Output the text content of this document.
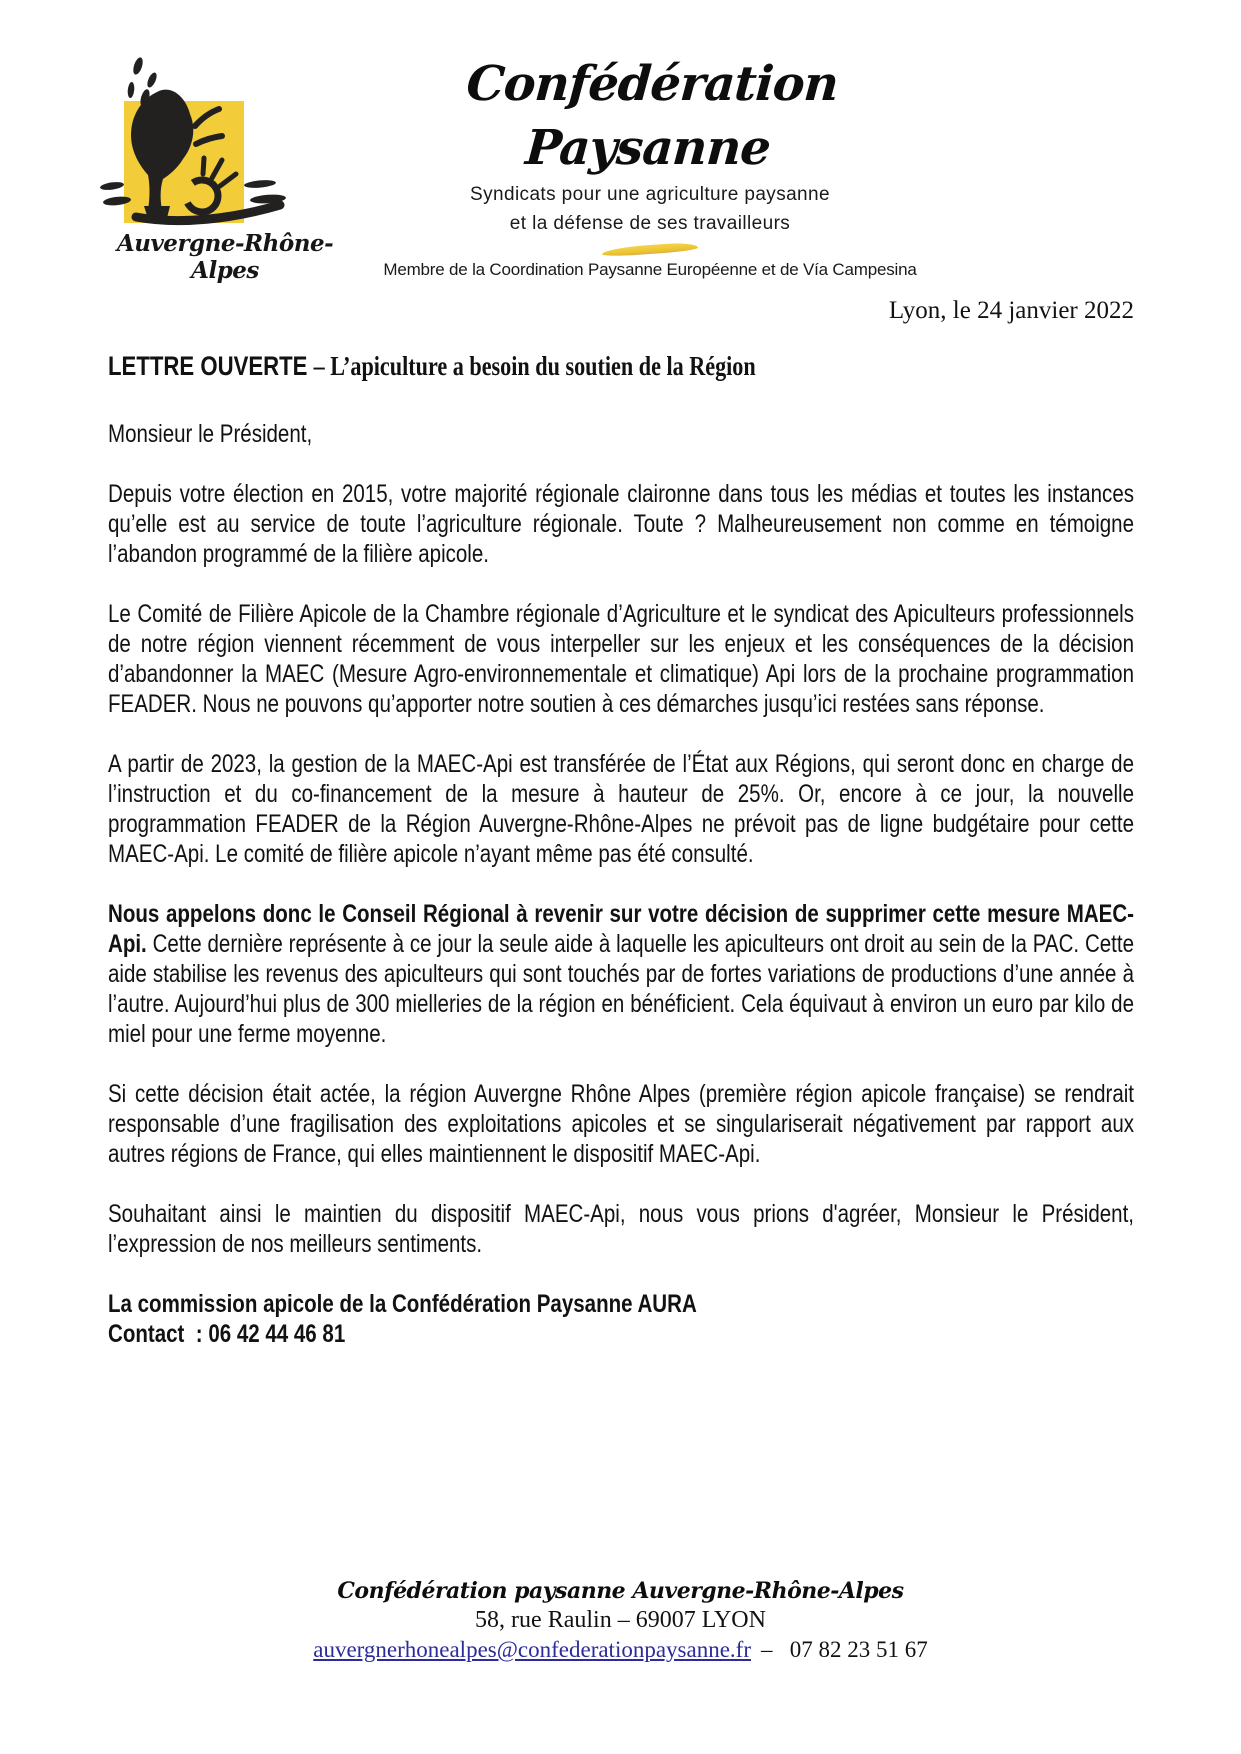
Auvergne-Rhône-Alpes
Confédération Paysanne
Syndicats pour une agriculture paysanne
et la défense de ses travailleurs
Membre de la Coordination Paysanne Européenne et de Vía Campesina
Lyon, le 24 janvier 2022
LETTRE OUVERTE – L’apiculture a besoin du soutien de la Région

Monsieur le Président,

Depuis votre élection en 2015, votre majorité régionale claironne dans tous les médias et toutes les instances qu’elle est au service de toute l’agriculture régionale. Toute ? Malheureusement non comme en témoigne l’abandon programmé de la filière apicole.

Le Comité de Filière Apicole de la Chambre régionale d’Agriculture et le syndicat des Apiculteurs professionnels de notre région viennent récemment de vous interpeller sur les enjeux et les conséquences de la décision d’abandonner la MAEC (Mesure Agro-environnementale et climatique) Api lors de la prochaine programmation FEADER. Nous ne pouvons qu’apporter notre soutien à ces démarches jusqu’ici restées sans réponse.

A partir de 2023, la gestion de la MAEC-Api est transférée de l’État aux Régions, qui seront donc en charge de l’instruction et du co-financement de la mesure à hauteur de 25%. Or, encore à ce jour, la nouvelle programmation FEADER de la Région Auvergne-Rhône-Alpes ne prévoit pas de ligne budgétaire pour cette MAEC-Api. Le comité de filière apicole n’ayant même pas été consulté.

Nous appelons donc le Conseil Régional à revenir sur votre décision de supprimer cette mesure MAEC-Api. Cette dernière représente à ce jour la seule aide à laquelle les apiculteurs ont droit au sein de la PAC. Cette aide stabilise les revenus des apiculteurs qui sont touchés par de fortes variations de productions d’une année à l’autre. Aujourd’hui plus de 300 mielleries de la région en bénéficient. Cela équivaut à environ un euro par kilo de miel pour une ferme moyenne.

Si cette décision était actée, la région Auvergne Rhône Alpes (première région apicole française) se rendrait responsable d’une fragilisation des exploitations apicoles et se singulariserait négativement par rapport aux autres régions de France, qui elles maintiennent le dispositif MAEC-Api.

Souhaitant ainsi le maintien du dispositif MAEC-Api, nous vous prions d'agréer, Monsieur le Président, l’expression de nos meilleurs sentiments.

La commission apicole de la Confédération Paysanne AURA
Contact  : 06 42 44 46 81
Confédération paysanne Auvergne-Rhône-Alpes
58, rue Raulin – 69007 LYON
auvergnerhonealpes@confederationpaysanne.fr –   07 82 23 51 67
